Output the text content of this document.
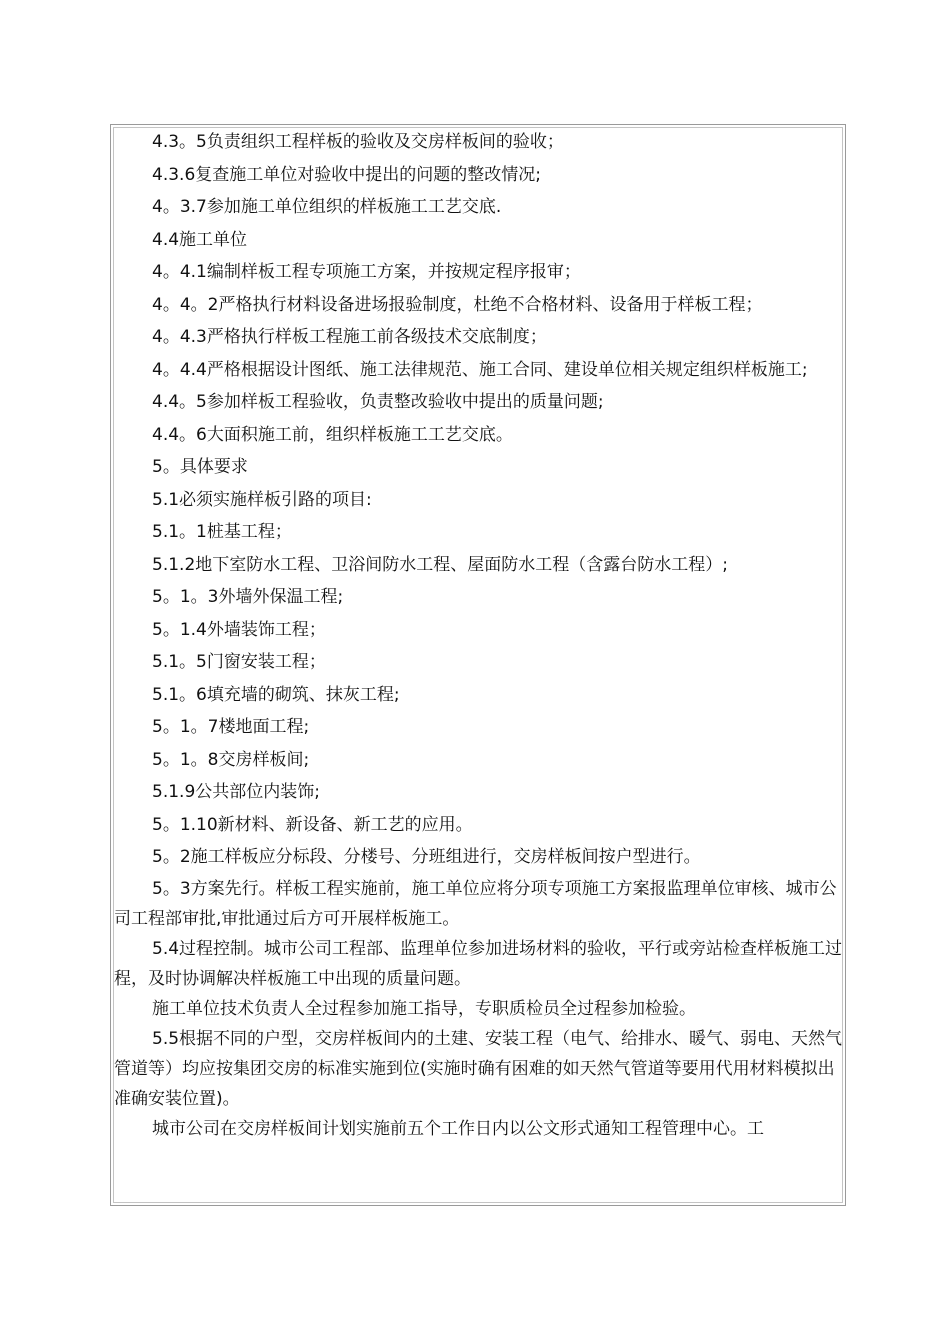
4.3。5负责组织工程样板的验收及交房样板间的验收；

4.3.6复查施工单位对验收中提出的问题的整改情况;

4。3.7参加施工单位组织的样板施工工艺交底.

4.4施工单位

4。4.1编制样板工程专项施工方案，并按规定程序报审；

4。4。2严格执行材料设备进场报验制度，杜绝不合格材料、设备用于样板工程；

4。4.3严格执行样板工程施工前各级技术交底制度；

4。4.4严格根据设计图纸、施工法律规范、施工合同、建设单位相关规定组织样板施工;

4.4。5参加样板工程验收，负责整改验收中提出的质量问题;

4.4。6大面积施工前，组织样板施工工艺交底。

5。具体要求

5.1必须实施样板引路的项目:

5.1。1桩基工程；

5.1.2地下室防水工程、卫浴间防水工程、屋面防水工程（含露台防水工程）;

5。1。3外墙外保温工程;

5。1.4外墙装饰工程；

5.1。5门窗安装工程；

5.1。6填充墙的砌筑、抹灰工程;

5。1。7楼地面工程;

5。1。8交房样板间;

5.1.9公共部位内装饰;

5。1.10新材料、新设备、新工艺的应用。

5。2施工样板应分标段、分楼号、分班组进行，交房样板间按户型进行。

5。3方案先行。样板工程实施前，施工单位应将分项专项施工方案报监理单位审核、城市公司工程部审批,审批通过后方可开展样板施工。

5.4过程控制。城市公司工程部、监理单位参加进场材料的验收，平行或旁站检查样板施工过程，及时协调解决样板施工中出现的质量问题。

施工单位技术负责人全过程参加施工指导，专职质检员全过程参加检验。

5.5根据不同的户型，交房样板间内的土建、安装工程（电气、给排水、暖气、弱电、天然气管道等）均应按集团交房的标准实施到位(实施时确有困难的如天然气管道等要用代用材料模拟出准确安装位置)。

城市公司在交房样板间计划实施前五个工作日内以公文形式通知工程管理中心。工
